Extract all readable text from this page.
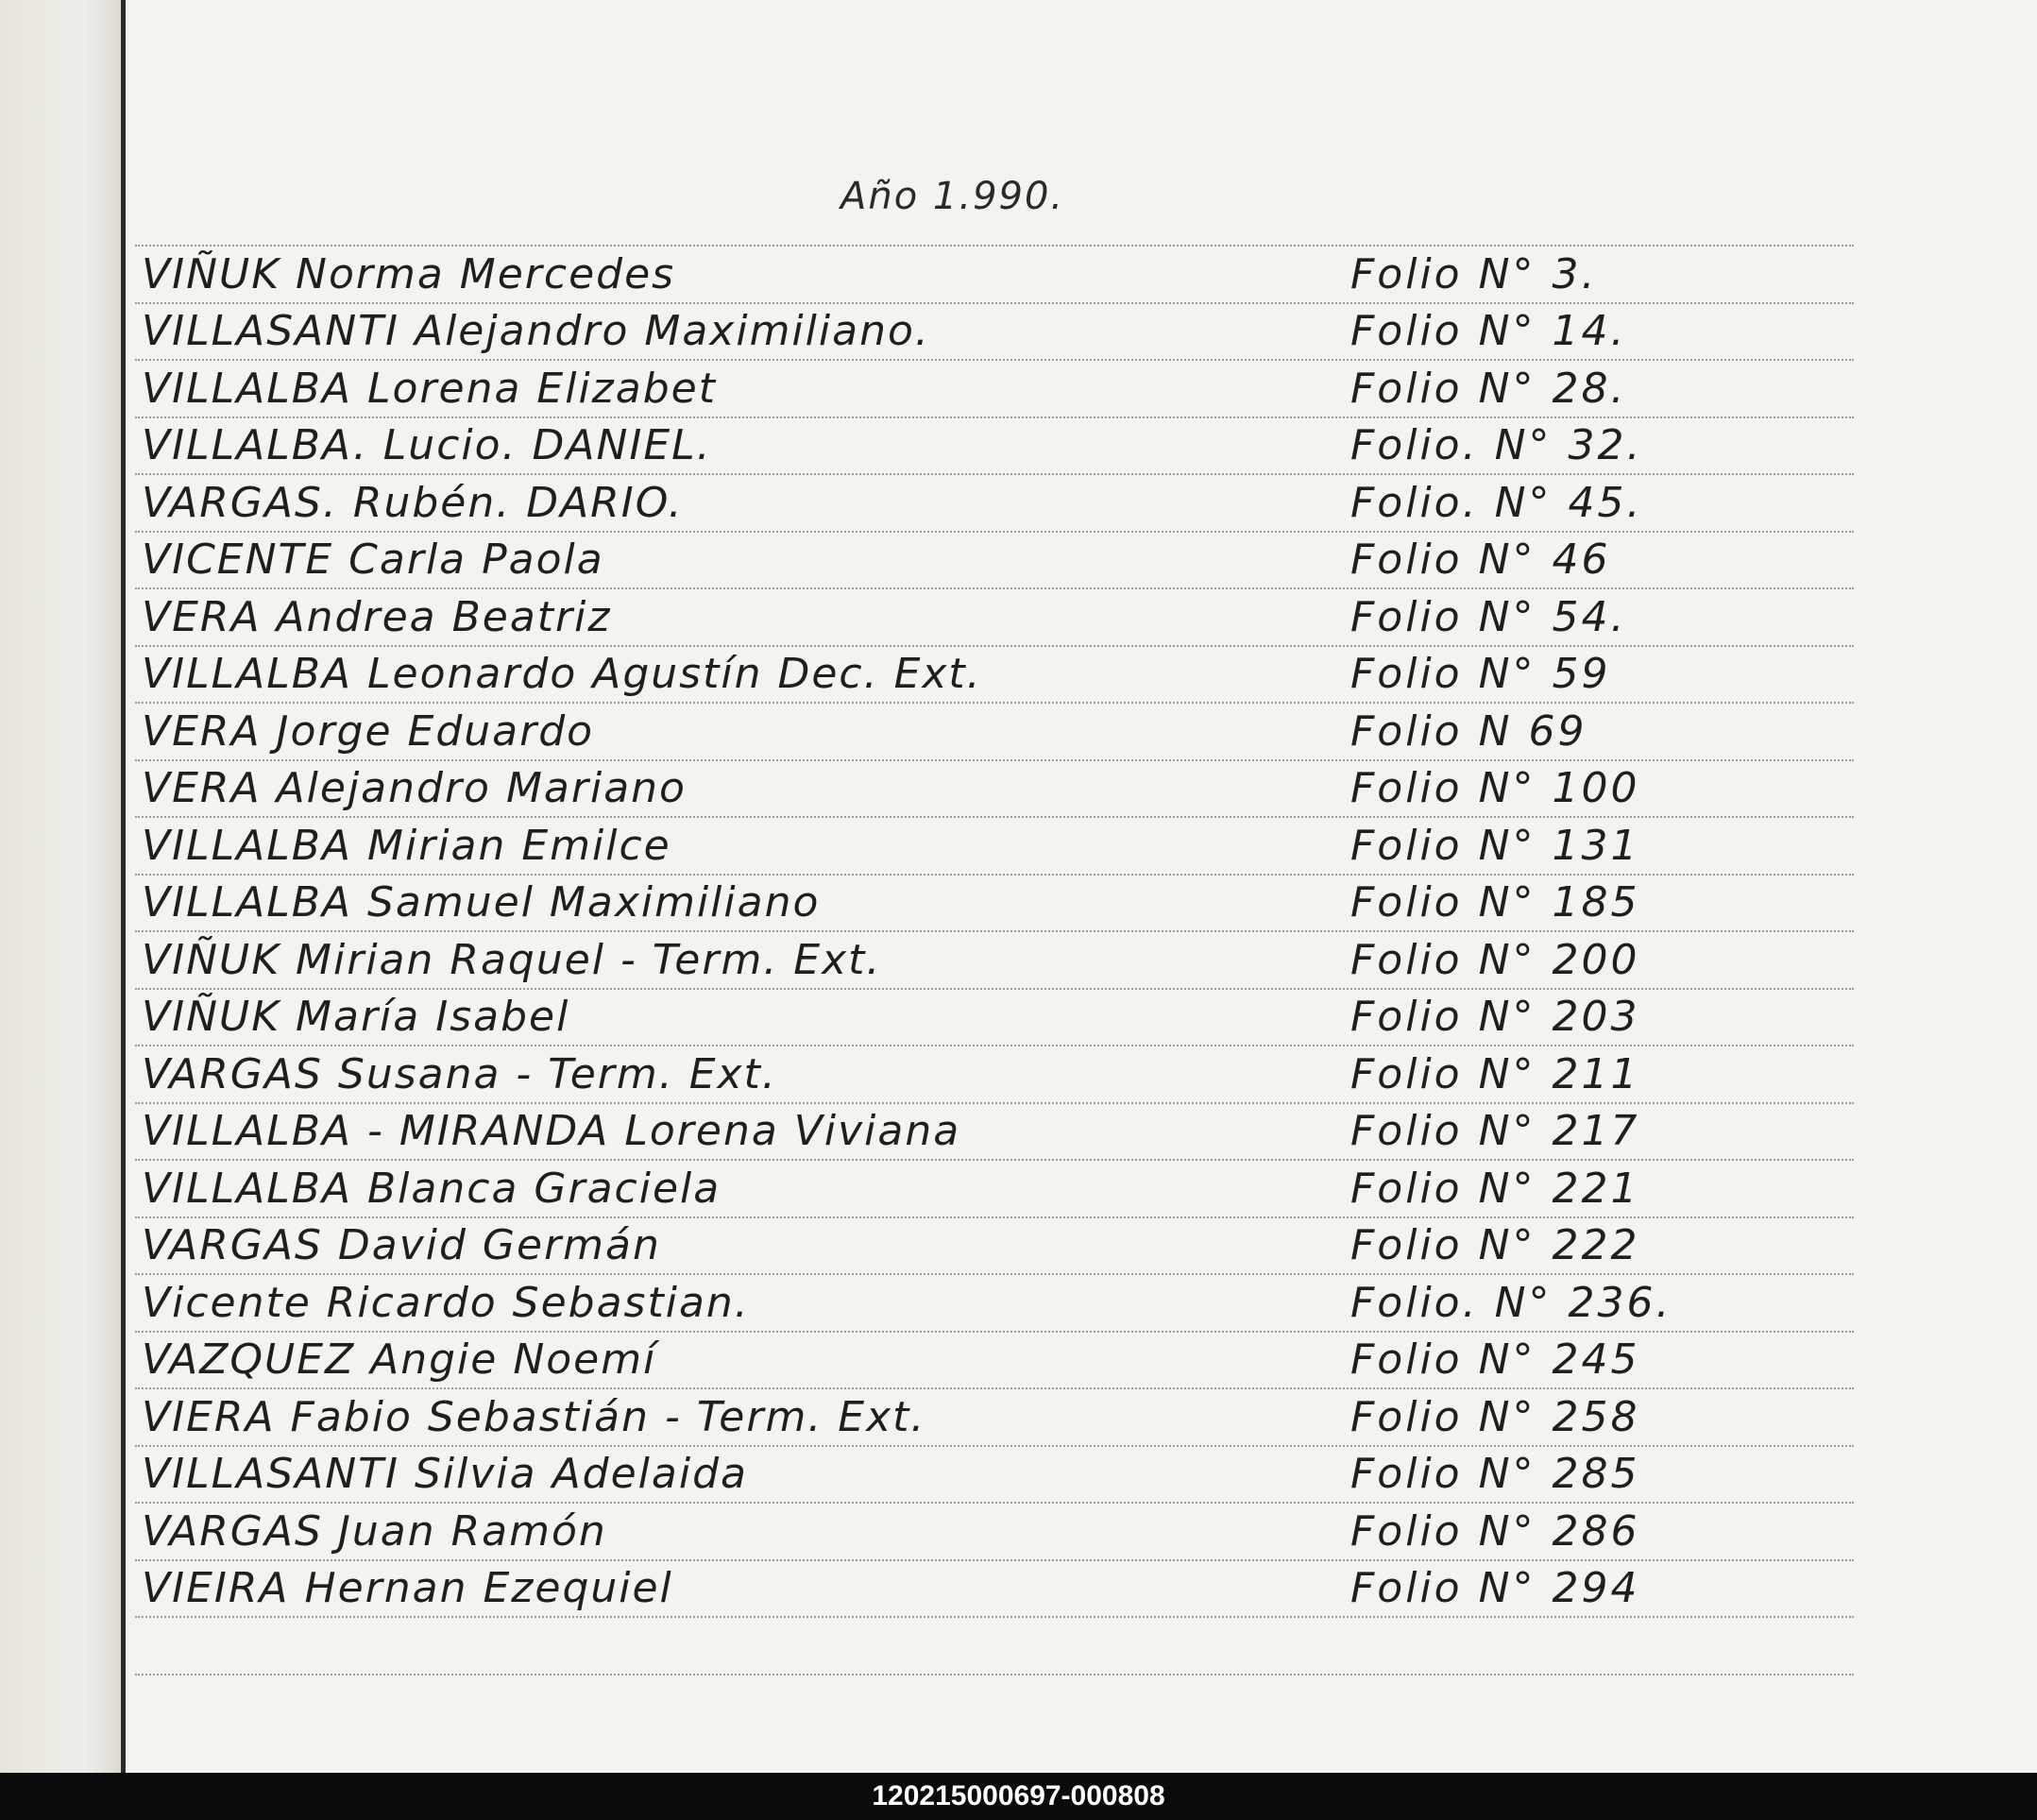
Año 1.990.
VIÑUK Norma Mercedes	Folio N° 3.
VILLASANTI Alejandro Maximiliano.	Folio N° 14.
VILLALBA Lorena Elizabet	Folio N° 28.
VILLALBA. Lucio. DANIEL.	Folio. N° 32.
VARGAS. Rubén. DARIO.	Folio. N° 45.
VICENTE Carla Paola	Folio N° 46
VERA Andrea Beatriz	Folio N° 54.
VILLALBA Leonardo Agustín Dec. Ext.	Folio N° 59
VERA Jorge Eduardo	Folio N 69
VERA Alejandro Mariano	Folio N° 100
VILLALBA Mirian Emilce	Folio N° 131
VILLALBA Samuel Maximiliano	Folio N° 185
VIÑUK Mirian Raquel - Term. Ext.	Folio N° 200
VIÑUK María Isabel	Folio N° 203
VARGAS Susana - Term. Ext.	Folio N° 211
VILLALBA - MIRANDA Lorena Viviana	Folio N° 217
VILLALBA Blanca Graciela	Folio N° 221
VARGAS David Germán	Folio N° 222
Vicente Ricardo Sebastian.	Folio. N° 236.
VAZQUEZ Angie Noemí	Folio N° 245
VIERA Fabio Sebastián - Term. Ext.	Folio N° 258
VILLASANTI Silvia Adelaida	Folio N° 285
VARGAS Juan Ramón	Folio N° 286
VIEIRA Hernan Ezequiel	Folio N° 294
120215000697-000808
